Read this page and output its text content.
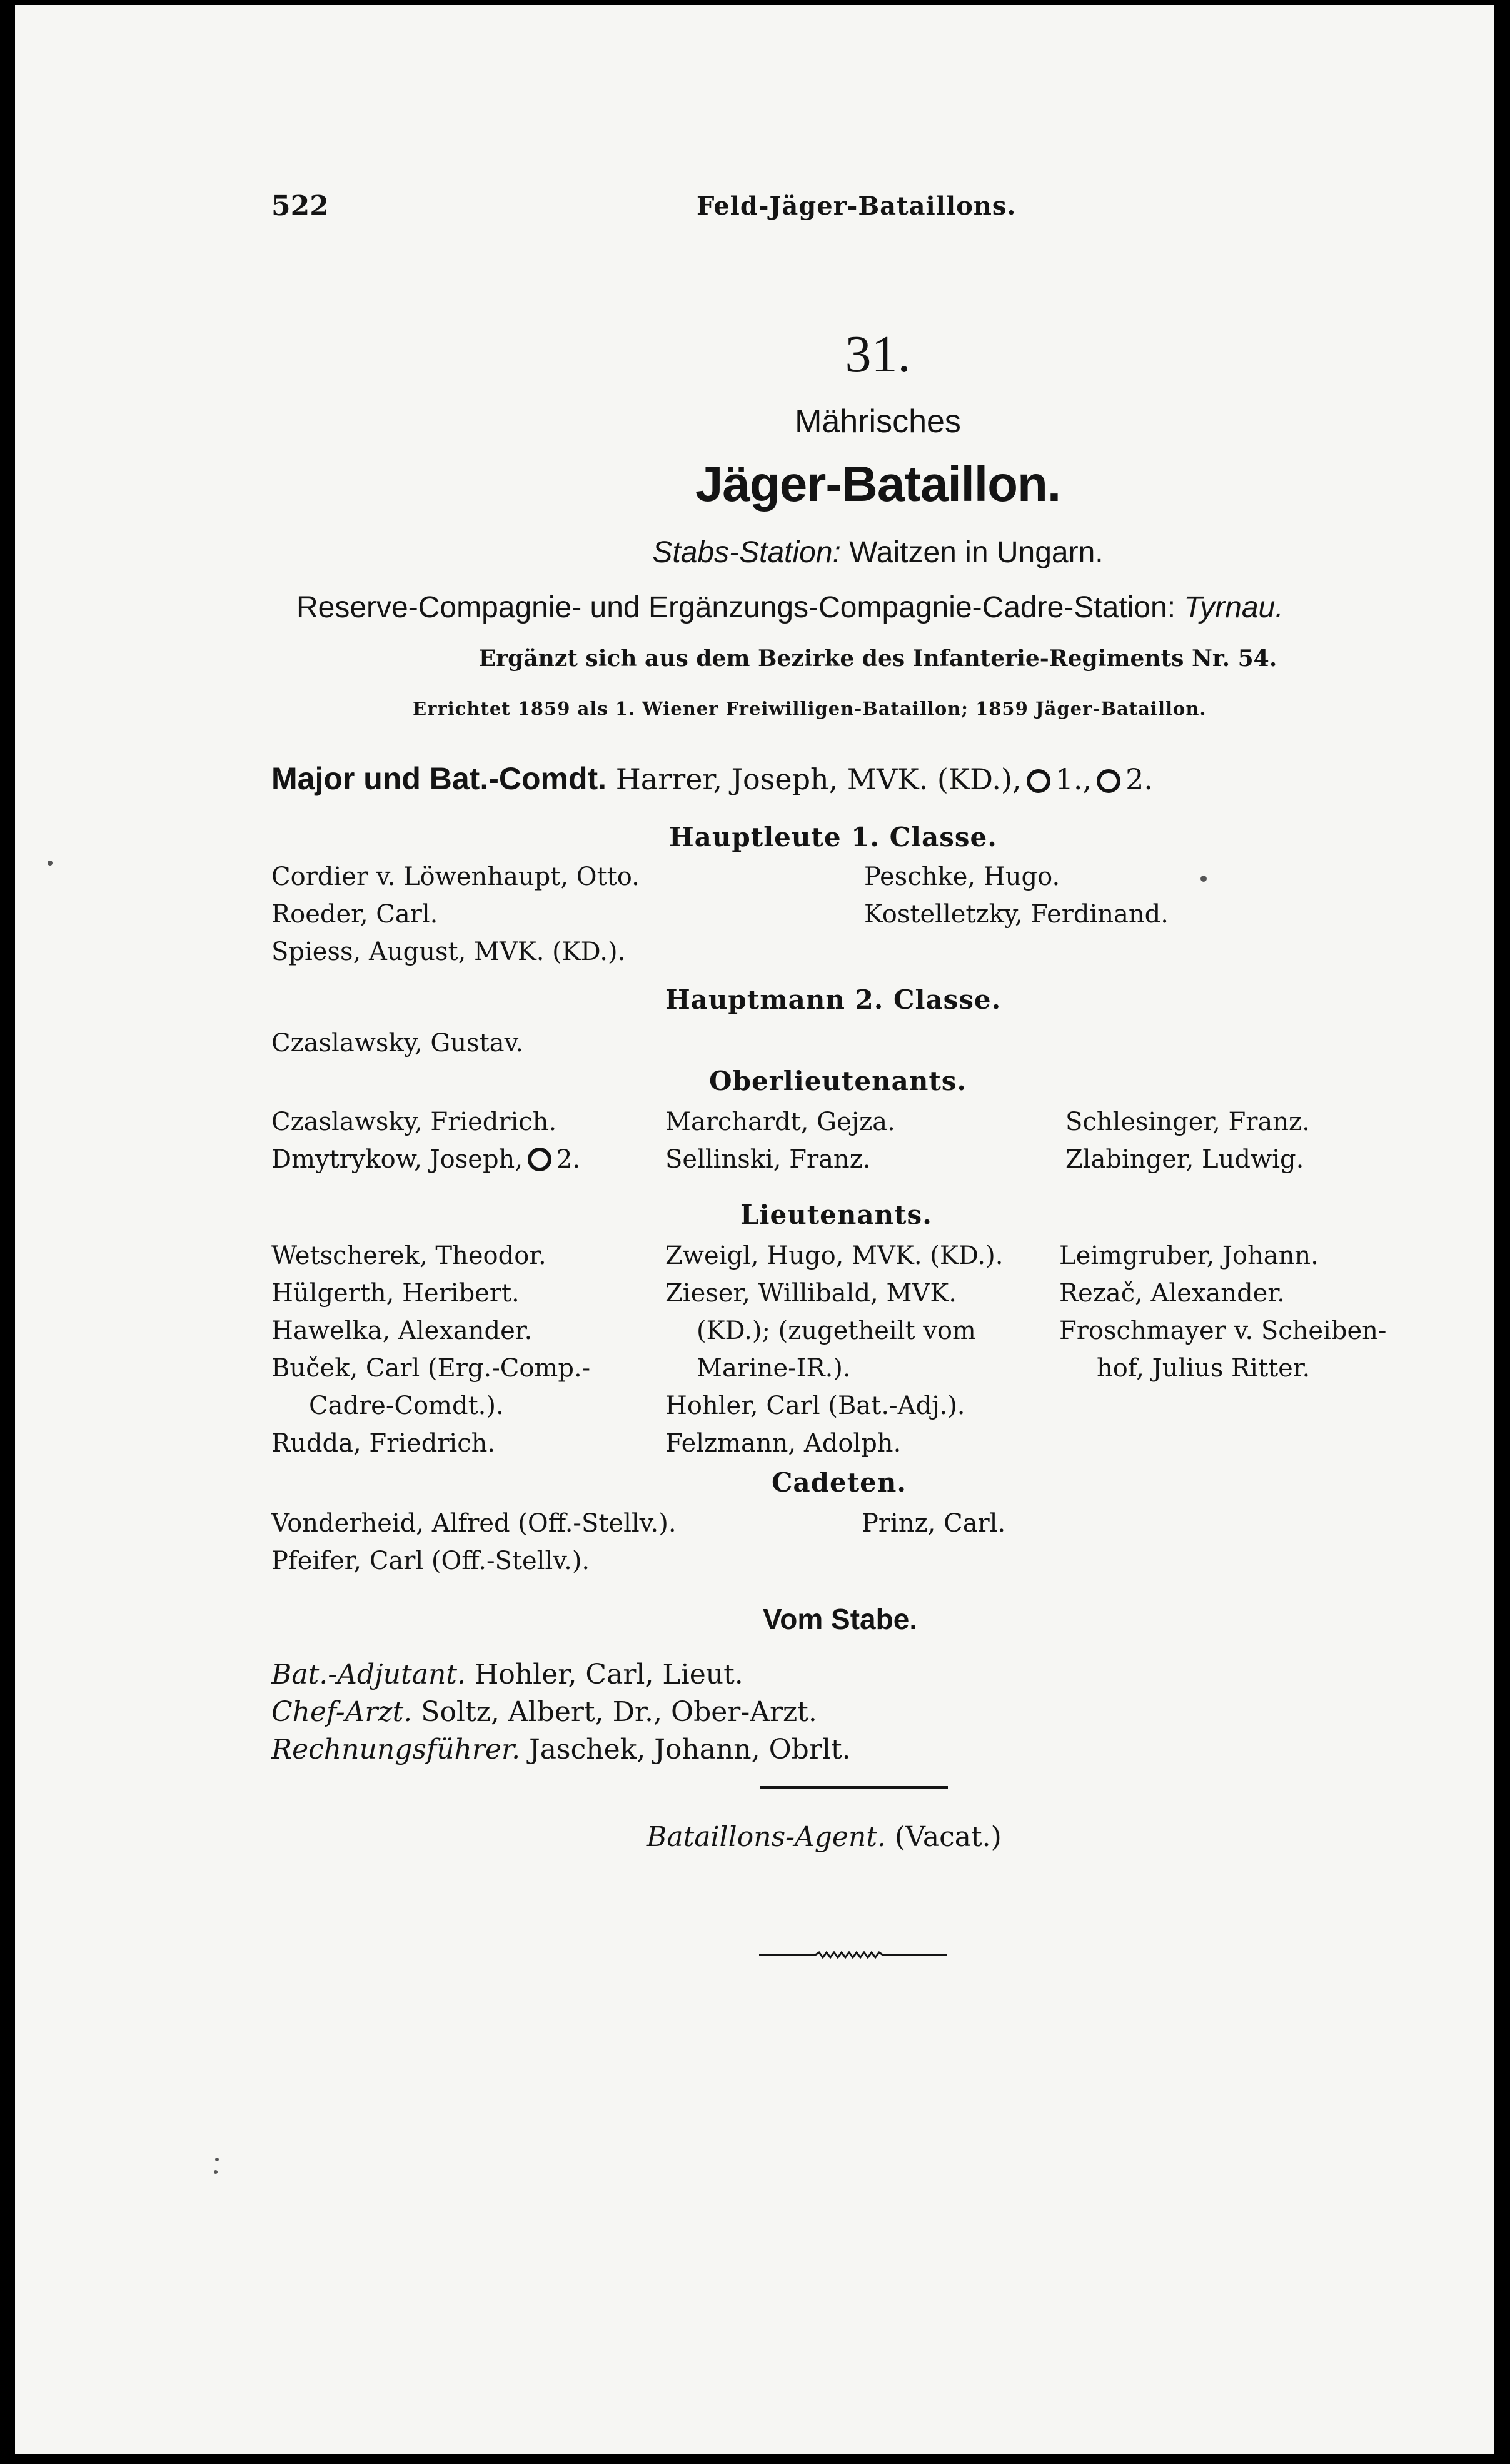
522	Feld-Jäger-Bataillons.
31.
Mährisches
Jäger-Bataillon.
Stabs-Station: Waitzen in Ungarn.
Reserve-Compagnie- und Ergänzungs-Compagnie-Cadre-Station: Tyrnau.
Ergänzt sich aus dem Bezirke des Infanterie-Regiments Nr. 54.
Errichtet 1859 als 1. Wiener Freiwilligen-Bataillon; 1859 Jäger-Bataillon.
Major und Bat.-Comdt. Harrer, Joseph, MVK. (KD.), 1., 2.
Hauptleute 1. Classe.
Cordier v. Löwenhaupt, Otto.
Roeder, Carl.
Spiess, August, MVK. (KD.).
Peschke, Hugo.
Kostelletzky, Ferdinand.
Hauptmann 2. Classe.
Czaslawsky, Gustav.
Oberlieutenants.
Czaslawsky, Friedrich.
Dmytrykow, Joseph, 2.
Marchardt, Gejza.
Sellinski, Franz.
Schlesinger, Franz.
Zlabinger, Ludwig.
Lieutenants.
Wetscherek, Theodor.
Hülgerth, Heribert.
Hawelka, Alexander.
Buček, Carl (Erg.-Comp.-
Cadre-Comdt.).
Rudda, Friedrich.
Zweigl, Hugo, MVK. (KD.).
Zieser, Willibald, MVK.
(KD.); (zugetheilt vom
Marine-IR.).
Hohler, Carl (Bat.-Adj.).
Felzmann, Adolph.
Leimgruber, Johann.
Rezač, Alexander.
Froschmayer v. Scheiben-
hof, Julius Ritter.
Cadeten.
Vonderheid, Alfred (Off.-Stellv.).
Pfeifer, Carl (Off.-Stellv.).
Prinz, Carl.
Vom Stabe.
Bat.-Adjutant. Hohler, Carl, Lieut.
Chef-Arzt. Soltz, Albert, Dr., Ober-Arzt.
Rechnungsführer. Jaschek, Johann, Obrlt.
Bataillons-Agent. (Vacat.)
